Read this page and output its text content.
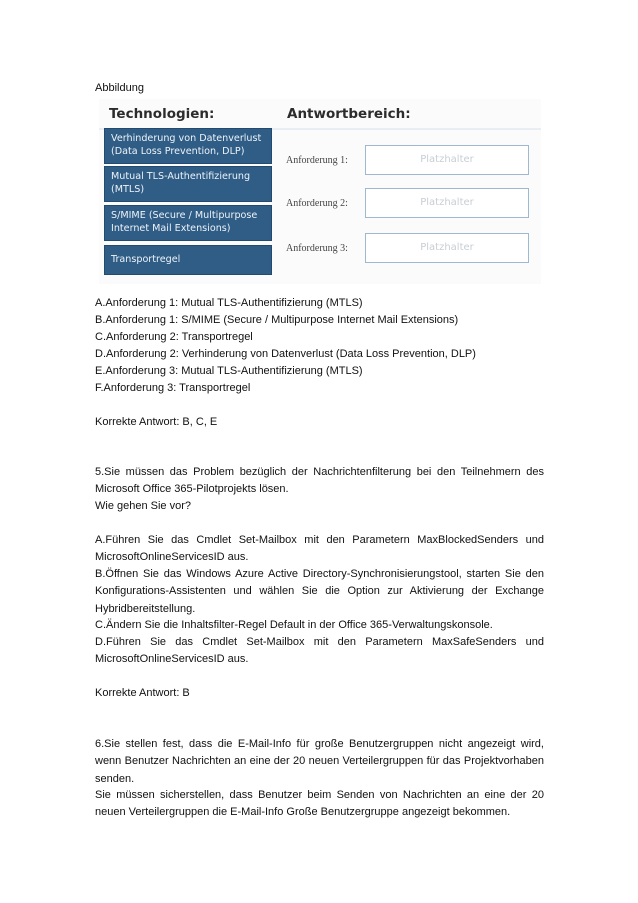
Abbildung
Technologien:	Antwortbereich:
Verhinderung von Datenverlust
(Data Loss Prevention, DLP)
Mutual TLS-Authentifizierung
(MTLS)
S/MIME (Secure / Multipurpose
Internet Mail Extensions)
Transportregel
Anforderung 1:	Platzhalter
Anforderung 2:	Platzhalter
Anforderung 3:	Platzhalter
A.Anforderung 1: Mutual TLS-Authentifizierung (MTLS)
B.Anforderung 1: S/MIME (Secure / Multipurpose Internet Mail Extensions)
C.Anforderung 2: Transportregel
D.Anforderung 2: Verhinderung von Datenverlust (Data Loss Prevention, DLP)
E.Anforderung 3: Mutual TLS-Authentifizierung (MTLS)
F.Anforderung 3: Transportregel
Korrekte Antwort: B, C, E
5.Sie müssen das Problem bezüglich der Nachrichtenfilterung bei den Teilnehmern des Microsoft Office 365-Pilotprojekts lösen.
Wie gehen Sie vor?
A.Führen Sie das Cmdlet Set-Mailbox mit den Parametern MaxBlockedSenders und MicrosoftOnlineServicesID aus.
B.Öffnen Sie das Windows Azure Active Directory-Synchronisierungstool, starten Sie den Konfigurations-Assistenten und wählen Sie die Option zur Aktivierung der Exchange Hybridbereitstellung.
C.Ändern Sie die Inhaltsfilter-Regel Default in der Office 365-Verwaltungskonsole.
D.Führen Sie das Cmdlet Set-Mailbox mit den Parametern MaxSafeSenders und MicrosoftOnlineServicesID aus.
Korrekte Antwort: B
6.Sie stellen fest, dass die E-Mail-Info für große Benutzergruppen nicht angezeigt wird, wenn Benutzer Nachrichten an eine der 20 neuen Verteilergruppen für das Projektvorhaben senden.
Sie müssen sicherstellen, dass Benutzer beim Senden von Nachrichten an eine der 20 neuen Verteilergruppen die E-Mail-Info Große Benutzergruppe angezeigt bekommen.
